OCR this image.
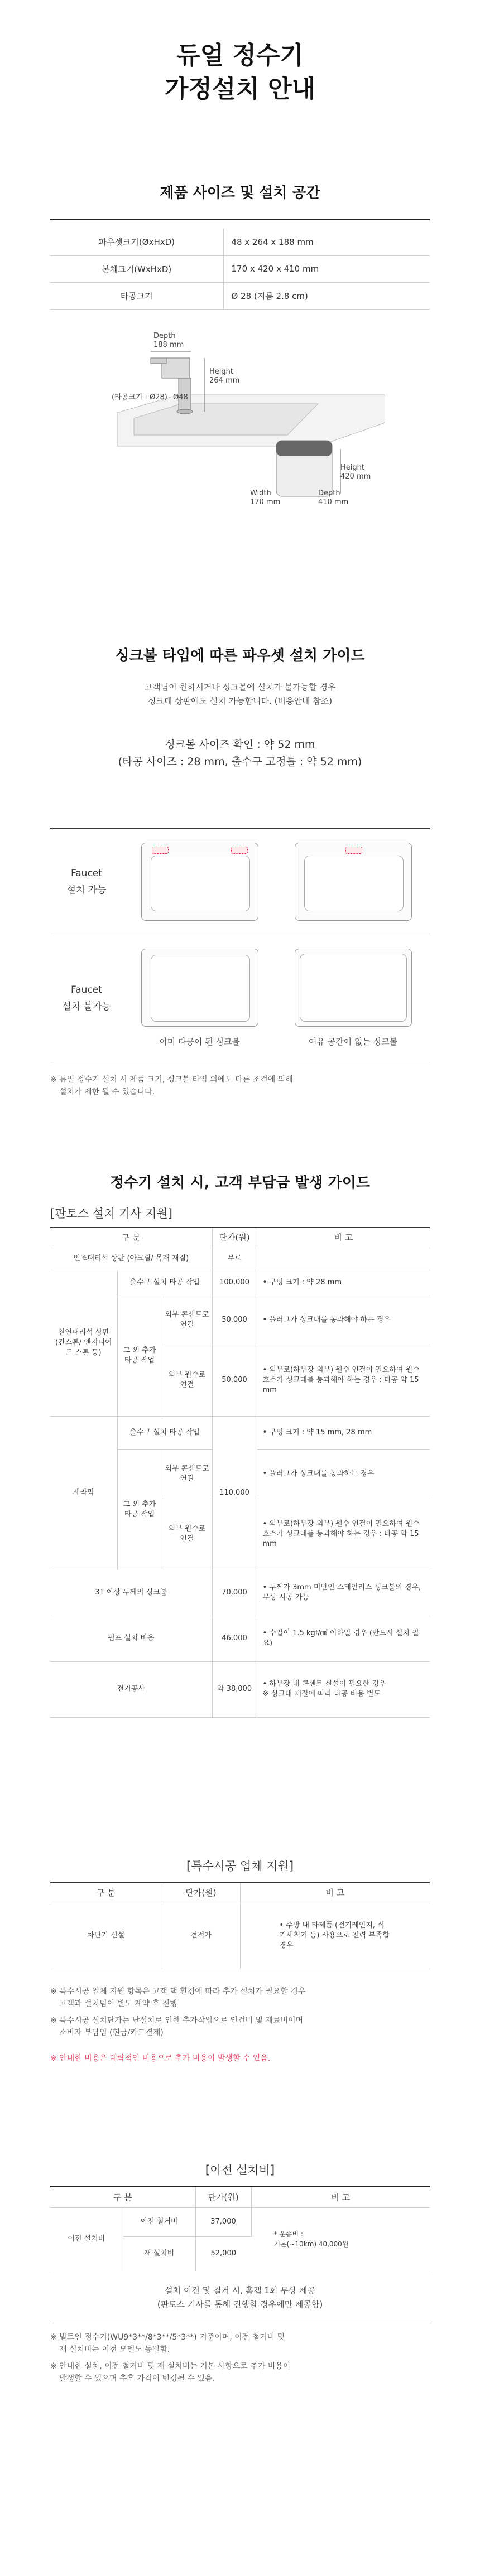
듀얼 정수기
가정설치 안내
제품 사이즈 및 설치 공간
파우셋크기(ØxHxD)	48 x 264 x 188 mm
본체크기(WxHxD)	170 x 420 x 410 mm
타공크기	Ø 28 (지름 2.8 cm)
Depth
188 mm
Height
264 mm
(타공크기 : Ø28) Ø48
Height
420 mm
Width
170 mm
Depth
410 mm
싱크볼 타입에 따른 파우셋 설치 가이드
고객님이 원하시거나 싱크볼에 설치가 불가능할 경우
싱크대 상판에도 설치 가능합니다. (비용안내 참조)
싱크볼 사이즈 확인 : 약 52 mm
(타공 사이즈 : 28 mm, 출수구 고정틀 : 약 52 mm)
Faucet
설치 가능
Faucet
설치 불가능
이미 타공이 된 싱크볼	여유 공간이 없는 싱크볼
※ 듀얼 정수기 설치 시 제품 크기, 싱크볼 타입 외에도 다른 조건에 의해
설치가 제한 될 수 있습니다.
정수기 설치 시, 고객 부담금 발생 가이드
[판토스 설치 기사 지원]
구 분			단가(원)	비 고
인조대리석 상판 (아크릴/ 목재 재질)			무료	
천연대리석 상판 (칸스톤/ 엔지니어드 스톤 등)	출수구 설치 타공 작업		100,000	• 구멍 크기 : 약 28 mm
	그 외 추가 타공 작업	외부 콘센트로 연결	50,000	• 플러그가 싱크대를 통과해야 하는 경우
		외부 원수로 연결	50,000	• 외부로(하부장 외부) 원수 연결이 필요하여 원수 호스가 싱크대를 통과해야 하는 경우 : 타공 약 15 mm
세라믹	출수구 설치 타공 작업		110,000	• 구멍 크기 : 약 15 mm, 28 mm
	그 외 추가 타공 작업	외부 콘센트로 연결		• 플러그가 싱크대를 통과하는 경우
		외부 원수로 연결		• 외부로(하부장 외부) 원수 연결이 필요하여 원수 호스가 싱크대를 통과해야 하는 경우 : 타공 약 15 mm
3T 이상 두께의 싱크볼			70,000	• 두께가 3mm 미만인 스테인리스 싱크볼의 경우, 무상 시공 가능
펌프 설치 비용			46,000	• 수압이 1.5 kgf/㎠ 이하일 경우 (반드시 설치 필요)
전기공사			약 38,000	• 하부장 내 콘센트 신설이 필요한 경우
※ 싱크대 재질에 따라 타공 비용 별도
[특수시공 업체 지원]
구 분	단가(원)	비 고
차단기 신설	견적가	• 주방 내 타제품 (전기레인지, 식기세척기 등) 사용으로 전력 부족할 경우
※ 특수시공 업체 지원 항목은 고객 댁 환경에 따라 추가 설치가 필요할 경우
고객과 설치팀이 별도 계약 후 진행
※ 특수시공 설치단가는 난설치로 인한 추가작업으로 인건비 및 재료비이며
소비자 부담임 (현금/카드결제)
※ 안내한 비용은 대략적인 비용으로 추가 비용이 발생할 수 있음.
[이전 설치비]
구 분		단가(원)	비 고
이전 설치비	이전 철거비	37,000	* 운송비 :
기본(~10km) 40,000원

	재 설치비	52,000	
설치 이전 및 철거 시, 홈캡 1회 무상 제공
(판토스 기사를 통해 진행할 경우에만 제공함)
※ 빌트인 정수기(WU9*3**/8*3**/5*3**) 기준이며, 이전 철거비 및
재 설치비는 이전 모델도 동일함.
※ 안내한 설치, 이전 철거비 및 재 설치비는 기본 사항으로 추가 비용이
발생할 수 있으며 추후 가격이 변경될 수 있음.
